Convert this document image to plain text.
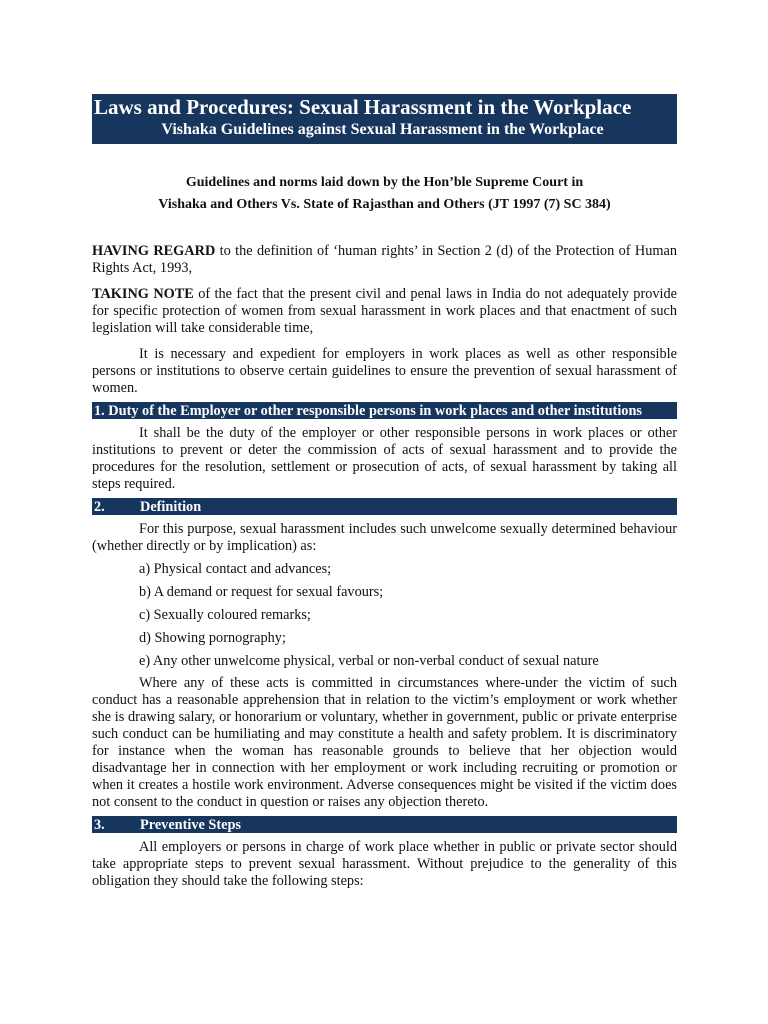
Laws and Procedures: Sexual Harassment in the Workplace
Vishaka Guidelines against Sexual Harassment in the Workplace
Guidelines and norms laid down by the Hon’ble Supreme Court in
Vishaka and Others Vs. State of Rajasthan and Others (JT 1997 (7) SC 384)

HAVING REGARD to the definition of ‘human rights’ in Section 2 (d) of the Protection of Human Rights Act, 1993,

TAKING NOTE of the fact that the present civil and penal laws in India do not adequately provide for specific protection of women from sexual harassment in work places and that enactment of such legislation will take considerable time,

It is necessary and expedient for employers in work places as well as other responsible persons or institutions to observe certain guidelines to ensure the prevention of sexual harassment of women.

1. Duty of the Employer or other responsible persons in work places and other institutions

It shall be the duty of the employer or other responsible persons in work places or other institutions to prevent or deter the commission of acts of sexual harassment and to provide the procedures for the resolution, settlement or prosecution of acts, of sexual harassment by taking all steps required.

2. Definition

For this purpose, sexual harassment includes such unwelcome sexually determined behaviour (whether directly or by implication) as:

a) Physical contact and advances;
b) A demand or request for sexual favours;
c) Sexually coloured remarks;
d) Showing pornography;
e) Any other unwelcome physical, verbal or non-verbal conduct of sexual nature

Where any of these acts is committed in circumstances where-under the victim of such conduct has a reasonable apprehension that in relation to the victim’s employment or work whether she is drawing salary, or honorarium or voluntary, whether in government, public or private enterprise such conduct can be humiliating and may constitute a health and safety problem. It is discriminatory for instance when the woman has reasonable grounds to believe that her objection would disadvantage her in connection with her employment or work including recruiting or promotion or when it creates a hostile work environment. Adverse consequences might be visited if the victim does not consent to the conduct in question or raises any objection thereto.

3. Preventive Steps

All employers or persons in charge of work place whether in public or private sector should take appropriate steps to prevent sexual harassment. Without prejudice to the generality of this obligation they should take the following steps:
